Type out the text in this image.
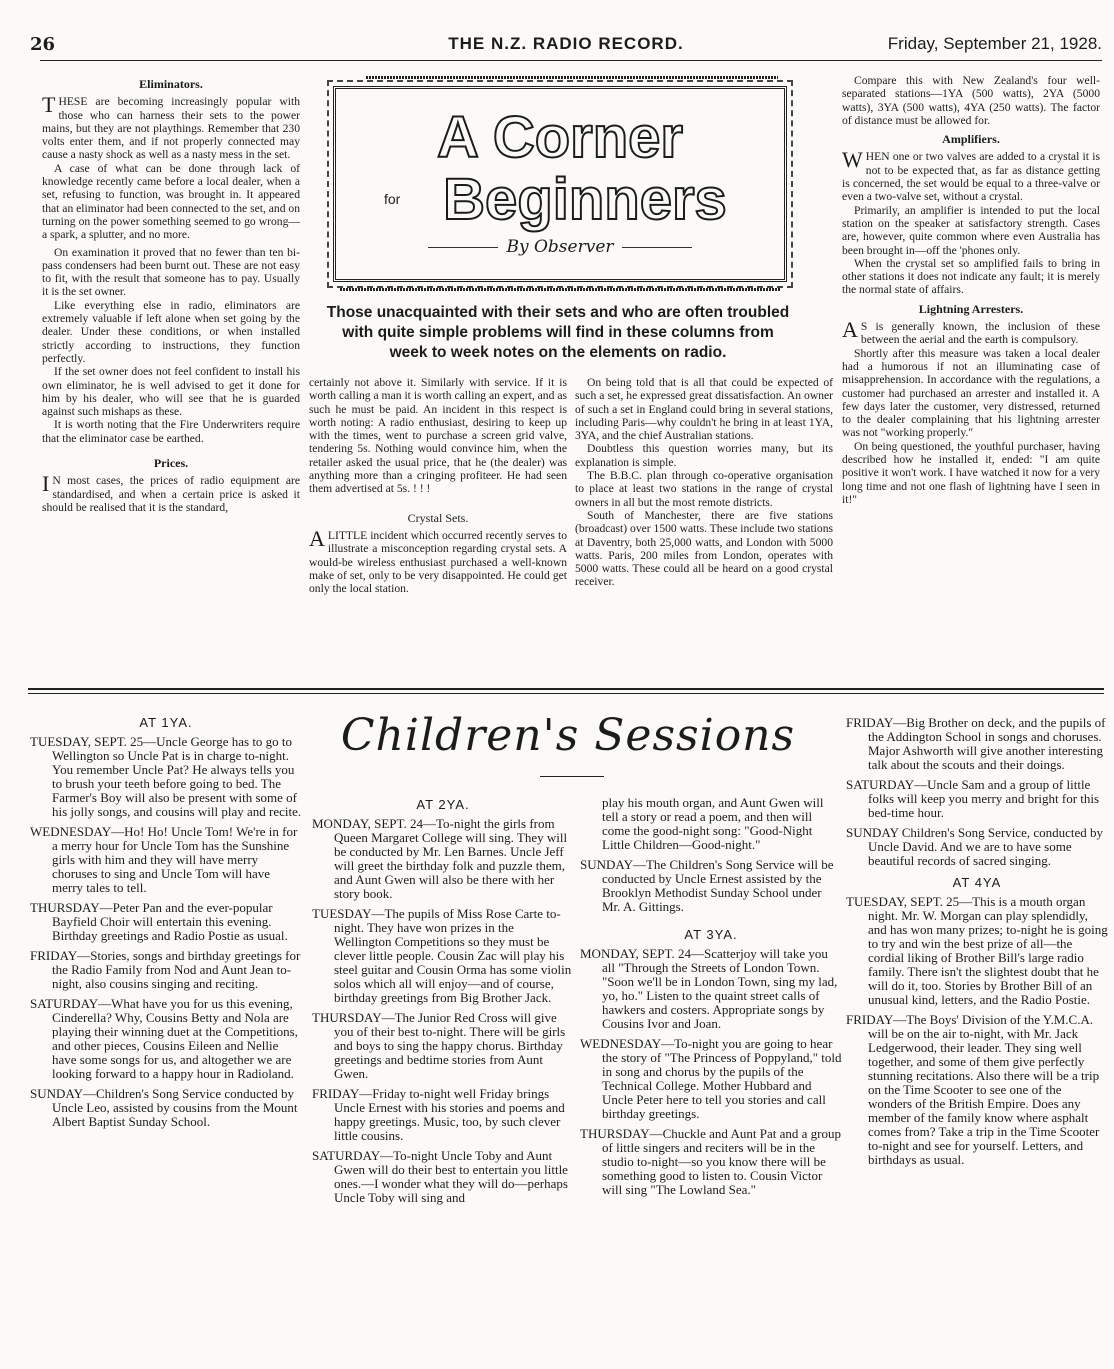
26	THE N.Z. RADIO RECORD.	Friday, September 21, 1928.
Eliminators.

THESE are becoming increasingly popular with those who can harness their sets to the power mains, but they are not playthings. Remember that 230 volts enter them, and if not properly connected may cause a nasty shock as well as a nasty mess in the set.

A case of what can be done through lack of knowledge recently came before a local dealer, when a set, refusing to function, was brought in. It appeared that an eliminator had been connected to the set, and on turning on the power something seemed to go wrong—a spark, a splutter, and no more.

On examination it proved that no fewer than ten bi-pass condensers had been burnt out. These are not easy to fit, with the result that someone has to pay. Usually it is the set owner.

Like everything else in radio, eliminators are extremely valuable if left alone when set going by the dealer. Under these conditions, or when installed strictly according to instructions, they function perfectly.

If the set owner does not feel confident to install his own eliminator, he is well advised to get it done for him by his dealer, who will see that he is guarded against such mishaps as these.

It is worth noting that the Fire Underwriters require that the eliminator case be earthed.

Prices.

I N most cases, the prices of radio equipment are standardised, and when a certain price is asked it should be realised that it is the standard,

A Corner
for Beginners
By Observer
Those unacquainted with their sets and who are often troubled with quite simple problems will find in these columns from week to week notes on the elements on radio.

certainly not above it. Similarly with service. If it is worth calling a man it is worth calling an expert, and as such he must be paid. An incident in this respect is worth noting: A radio enthusiast, desiring to keep up with the times, went to purchase a screen grid valve, tendering 5s. Nothing would convince him, when the retailer asked the usual price, that he (the dealer) was anything more than a cringing profiteer. He had seen them advertised at 5s. ! ! !

Crystal Sets.

ALITTLE incident which occurred recently serves to illustrate a misconception regarding crystal sets. A would-be wireless enthusiast purchased a well-known make of set, only to be very disappointed. He could get only the local station.

On being told that is all that could be expected of such a set, he expressed great dissatisfaction. An owner of such a set in England could bring in several stations, including Paris—why couldn't he bring in at least 1YA, 3YA, and the chief Australian stations.

Doubtless this question worries many, but its explanation is simple.

The B.B.C. plan through co-operative organisation to place at least two stations in the range of crystal owners in all but the most remote districts.

South of Manchester, there are five stations (broadcast) over 1500 watts. These include two stations at Daventry, both 25,000 watts, and London with 5000 watts. Paris, 200 miles from London, operates with 5000 watts. These could all be heard on a good crystal receiver.

Compare this with New Zealand's four well-separated stations—1YA (500 watts), 2YA (5000 watts), 3YA (500 watts), 4YA (250 watts). The factor of distance must be allowed for.

Amplifiers.

WHEN one or two valves are added to a crystal it is not to be expected that, as far as distance getting is concerned, the set would be equal to a three-valve or even a two-valve set, without a crystal.

Primarily, an amplifier is intended to put the local station on the speaker at satisfactory strength. Cases are, however, quite common where even Australia has been brought in—off the 'phones only.

When the crystal set so amplified fails to bring in other stations it does not indicate any fault; it is merely the normal state of affairs.

Lightning Arresters.

A S is generally known, the inclusion of these between the aerial and the earth is compulsory.

Shortly after this measure was taken a local dealer had a humorous if not an illuminating case of misapprehension. In accordance with the regulations, a customer had purchased an arrester and installed it. A few days later the customer, very distressed, returned to the dealer complaining that his lightning arrester was not "working properly."

On being questioned, the youthful purchaser, having described how he installed it, ended: "I am quite positive it won't work. I have watched it now for a very long time and not one flash of lightning have I seen in it!"

AT 1YA.

TUESDAY, SEPT. 25—Uncle George has to go to Wellington so Uncle Pat is in charge to-night. You remember Uncle Pat? He always tells you to brush your teeth before going to bed. The Farmer's Boy will also be present with some of his jolly songs, and cousins will play and recite.

WEDNESDAY—Ho! Ho! Uncle Tom! We're in for a merry hour for Uncle Tom has the Sunshine girls with him and they will have merry choruses to sing and Uncle Tom will have merry tales to tell.

THURSDAY—Peter Pan and the ever-popular Bayfield Choir will entertain this evening. Birthday greetings and Radio Postie as usual.

FRIDAY—Stories, songs and birthday greetings for the Radio Family from Nod and Aunt Jean to-night, also cousins singing and reciting.

SATURDAY—What have you for us this evening, Cinderella? Why, Cousins Betty and Nola are playing their winning duet at the Competitions, and other pieces, Cousins Eileen and Nellie have some songs for us, and altogether we are looking forward to a happy hour in Radioland.

SUNDAY—Children's Song Service conducted by Uncle Leo, assisted by cousins from the Mount Albert Baptist Sunday School.

Children's Sessions
AT 2YA.

MONDAY, SEPT. 24—To-night the girls from Queen Margaret College will sing. They will be conducted by Mr. Len Barnes. Uncle Jeff will greet the birthday folk and puzzle them, and Aunt Gwen will also be there with her story book.

TUESDAY—The pupils of Miss Rose Carte to-night. They have won prizes in the Wellington Competitions so they must be clever little people. Cousin Zac will play his steel guitar and Cousin Orma has some violin solos which all will enjoy—and of course, birthday greetings from Big Brother Jack.

THURSDAY—The Junior Red Cross will give you of their best to-night. There will be girls and boys to sing the happy chorus. Birthday greetings and bedtime stories from Aunt Gwen.

FRIDAY—Friday to-night well Friday brings Uncle Ernest with his stories and poems and happy greetings. Music, too, by such clever little cousins.

SATURDAY—To-night Uncle Toby and Aunt Gwen will do their best to entertain you little ones.—I wonder what they will do—perhaps Uncle Toby will sing and

play his mouth organ, and Aunt Gwen will tell a story or read a poem, and then will come the good-night song: "Good-Night Little Children—Good-night."

SUNDAY—The Children's Song Service will be conducted by Uncle Ernest assisted by the Brooklyn Methodist Sunday School under Mr. A. Gittings.

AT 3YA.

MONDAY, SEPT. 24—Scatterjoy will take you all "Through the Streets of London Town. "Soon we'll be in London Town, sing my lad, yo, ho." Listen to the quaint street calls of hawkers and costers. Appropriate songs by Cousins Ivor and Joan.

WEDNESDAY—To-night you are going to hear the story of "The Princess of Poppyland," told in song and chorus by the pupils of the Technical College. Mother Hubbard and Uncle Peter here to tell you stories and call birthday greetings.

THURSDAY—Chuckle and Aunt Pat and a group of little singers and reciters will be in the studio to-night—so you know there will be something good to listen to. Cousin Victor will sing "The Lowland Sea."

FRIDAY—Big Brother on deck, and the pupils of the Addington School in songs and choruses. Major Ashworth will give another interesting talk about the scouts and their doings.

SATURDAY—Uncle Sam and a group of little folks will keep you merry and bright for this bed-time hour.

SUNDAY Children's Song Service, conducted by Uncle David. And we are to have some beautiful records of sacred singing.

AT 4YA

TUESDAY, SEPT. 25—This is a mouth organ night. Mr. W. Morgan can play splendidly, and has won many prizes; to-night he is going to try and win the best prize of all—the cordial liking of Brother Bill's large radio family. There isn't the slightest doubt that he will do it, too. Stories by Brother Bill of an unusual kind, letters, and the Radio Postie.

FRIDAY—The Boys' Division of the Y.M.C.A. will be on the air to-night, with Mr. Jack Ledgerwood, their leader. They sing well together, and some of them give perfectly stunning recitations. Also there will be a trip on the Time Scooter to see one of the wonders of the British Empire. Does any member of the family know where asphalt comes from? Take a trip in the Time Scooter to-night and see for yourself. Letters, and birthdays as usual.
